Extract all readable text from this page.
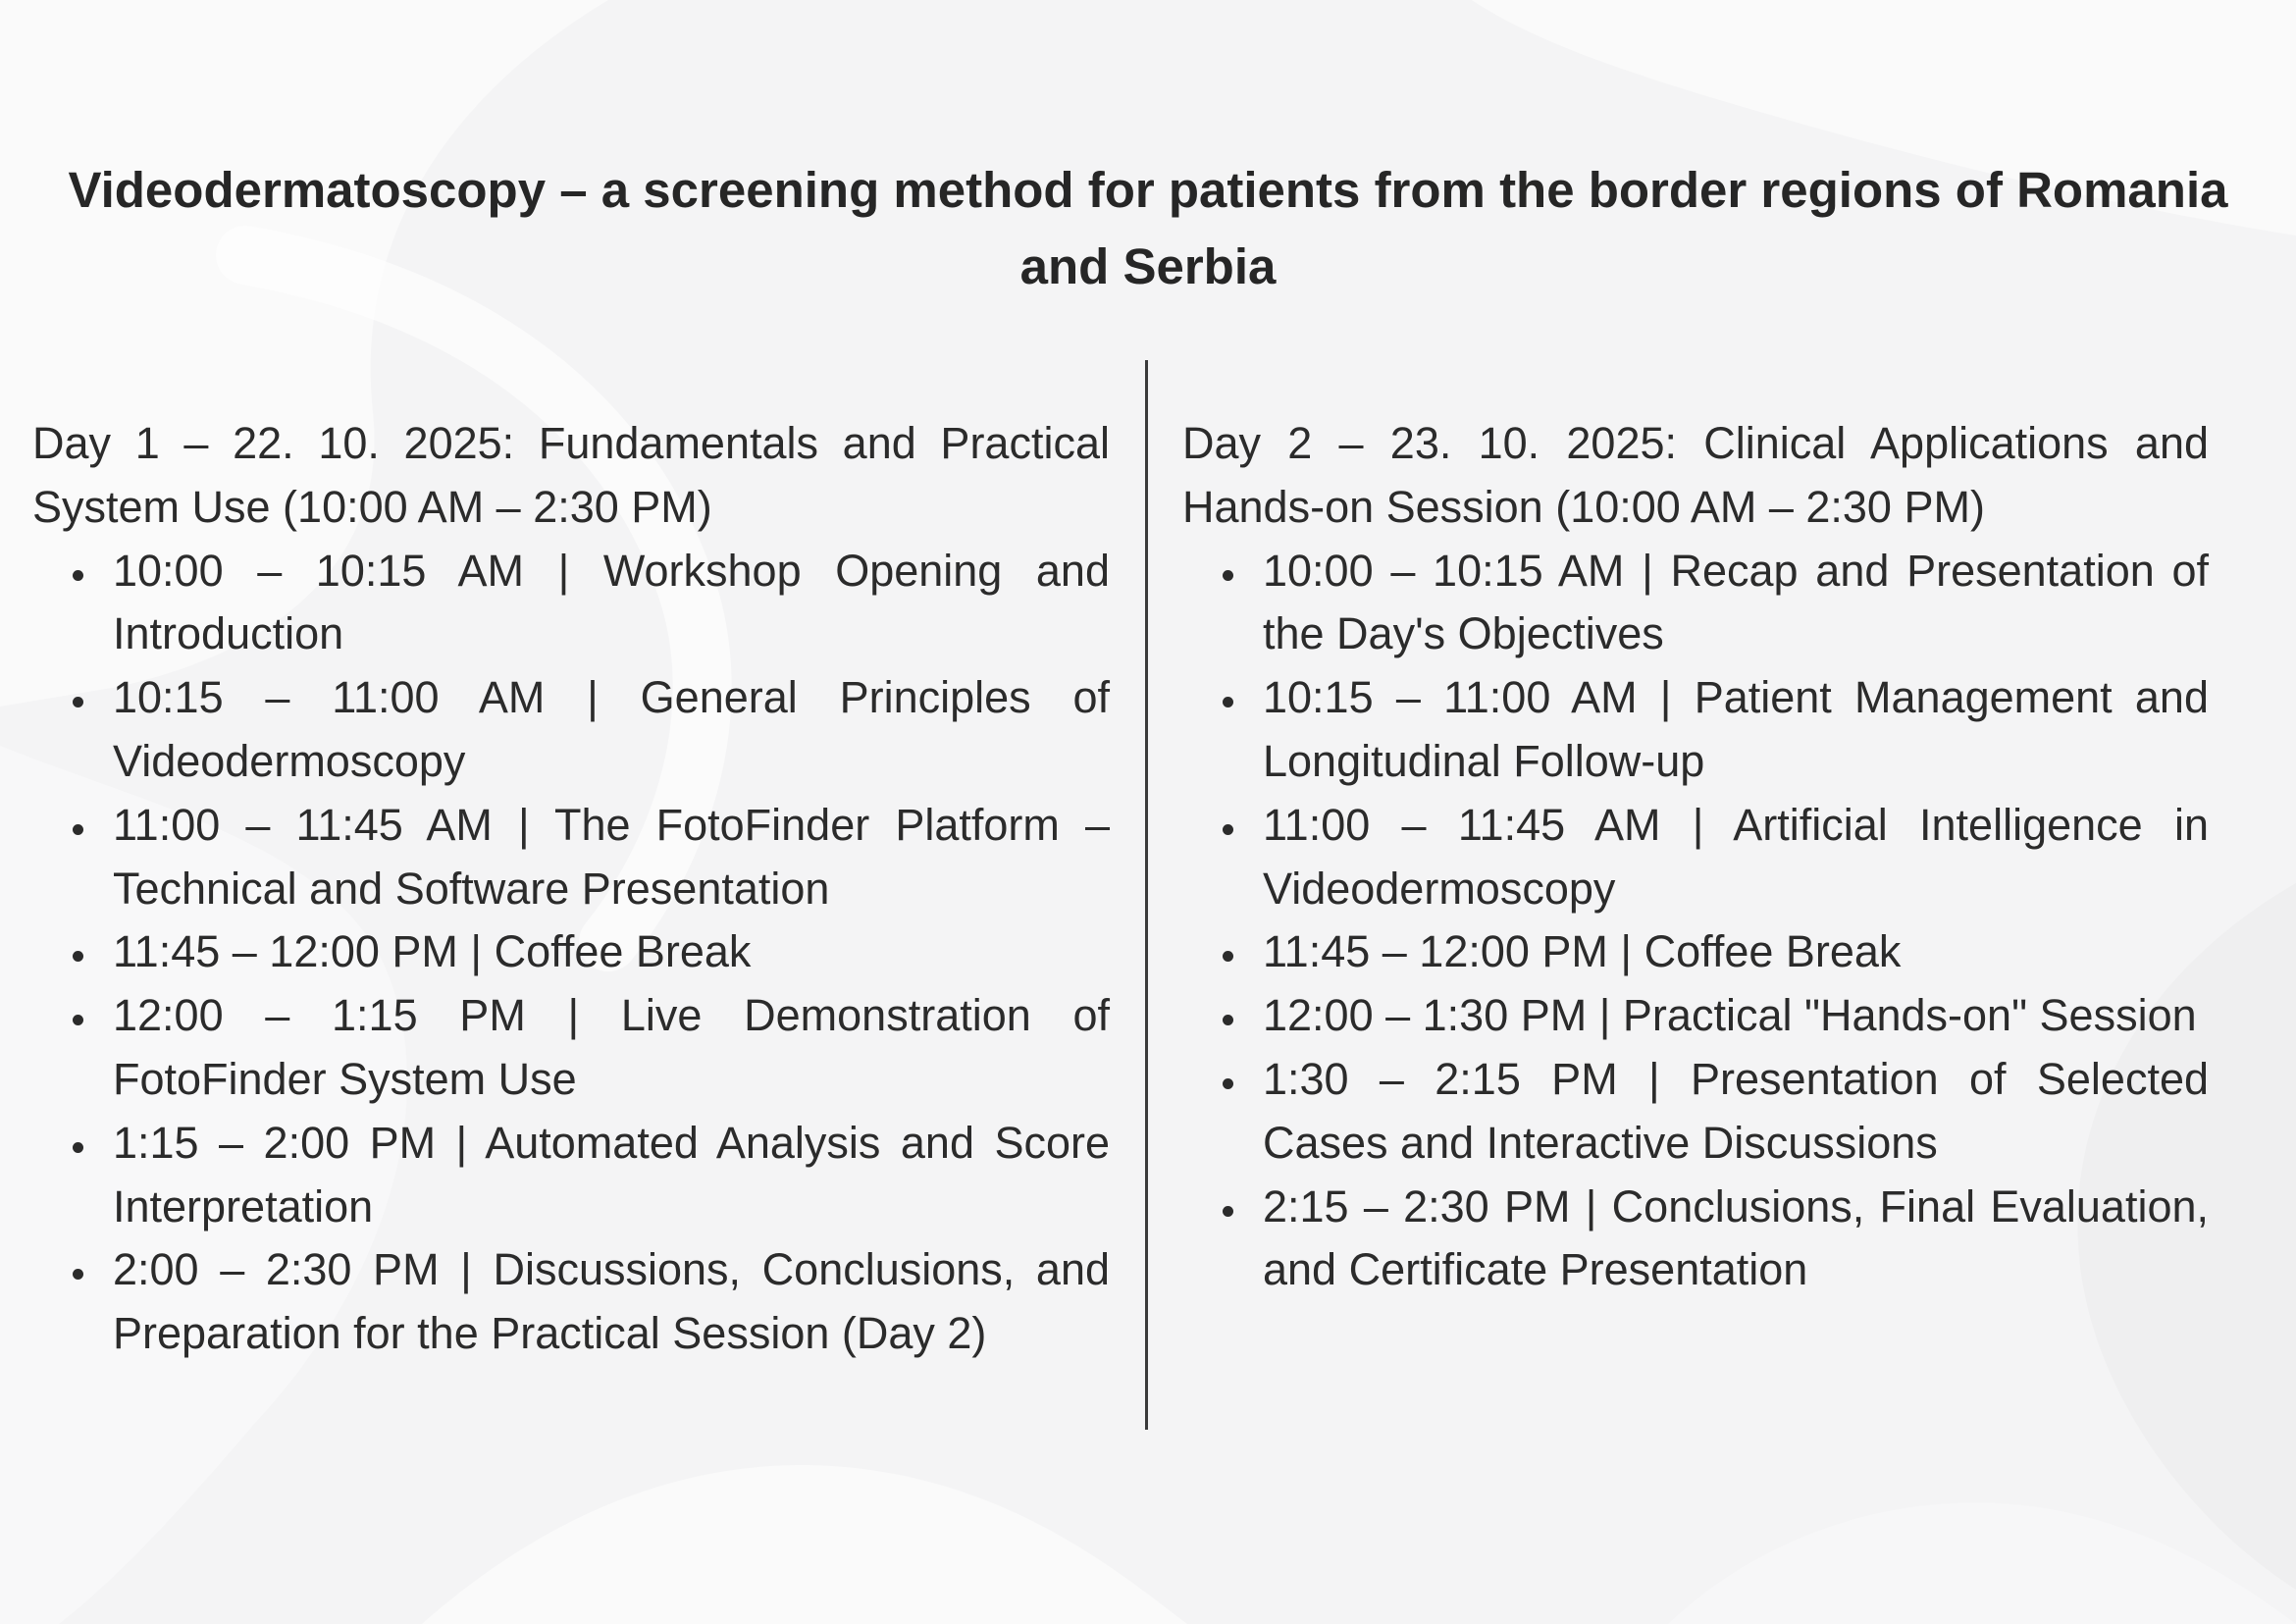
Videodermatoscopy – a screening method for patients from the border regions of Romania and Serbia
Day 1 – 22. 10. 2025: Fundamentals and Practical System Use (10:00 AM – 2:30 PM)
10:00 – 10:15 AM | Workshop Opening and Introduction
10:15 – 11:00 AM | General Principles of Videodermoscopy
11:00 – 11:45 AM | The FotoFinder Platform – Technical and Software Presentation
11:45 – 12:00 PM | Coffee Break
12:00 – 1:15 PM | Live Demonstration of FotoFinder System Use
1:15 – 2:00 PM | Automated Analysis and Score Interpretation
2:00 – 2:30 PM | Discussions, Conclusions, and Preparation for the Practical Session (Day 2)
Day 2 – 23. 10. 2025: Clinical Applications and Hands-on Session (10:00 AM – 2:30 PM)
10:00 – 10:15 AM | Recap and Presentation of the Day's Objectives
10:15 – 11:00 AM | Patient Management and Longitudinal Follow-up
11:00 – 11:45 AM | Artificial Intelligence in Videodermoscopy
11:45 – 12:00 PM | Coffee Break
12:00 – 1:30 PM | Practical "Hands-on" Session
1:30 – 2:15 PM | Presentation of Selected Cases and Interactive Discussions
2:15 – 2:30 PM | Conclusions, Final Evaluation, and Certificate Presentation
